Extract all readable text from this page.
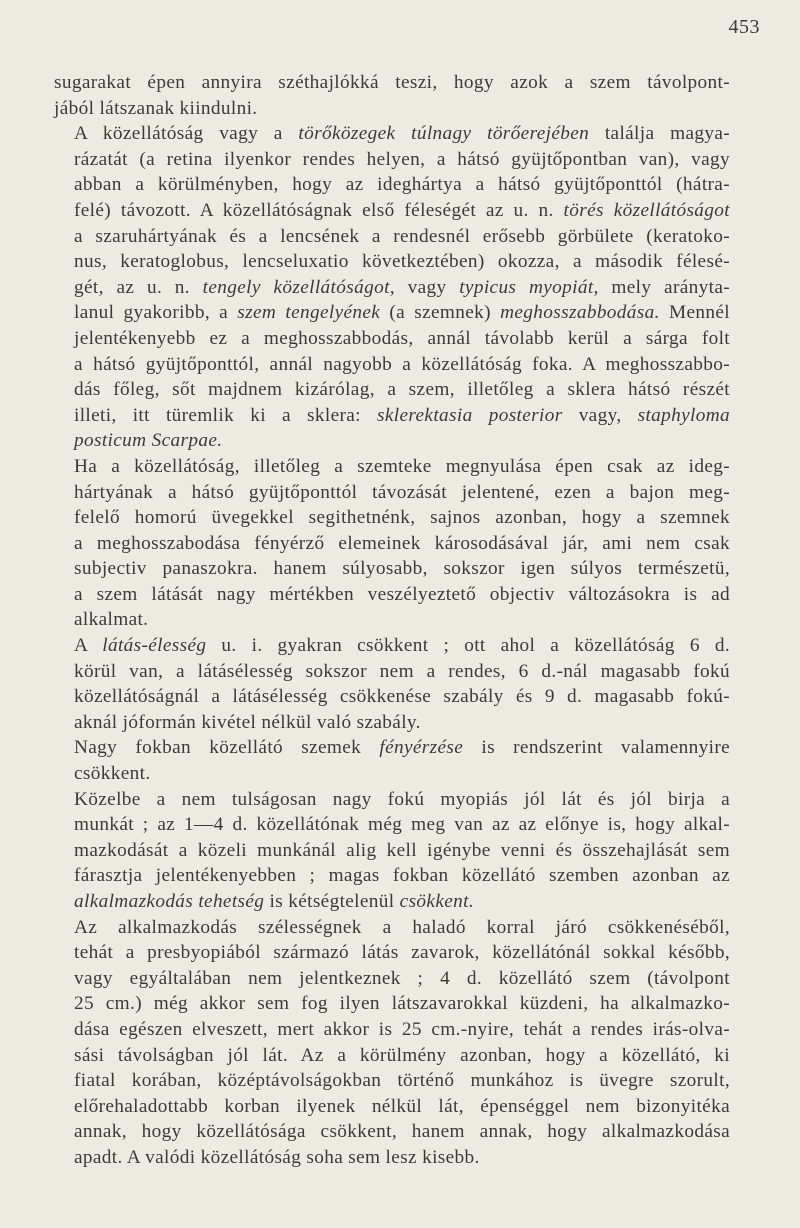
453

sugarakat épen annyira széthajlókká teszi, hogy azok a szem távolpont-
jából látszanak kiindulni.

A közellátóság vagy a törőközegek túlnagy törőerejében találja magya-
rázatát (a retina ilyenkor rendes helyen, a hátsó gyüjtőpontban van), vagy
abban a körülményben, hogy az ideghártya a hátsó gyüjtőponttól (hátra-
felé) távozott. A közellátóságnak első féleségét az u. n. törés közellátóságot
a szaruhártyának és a lencsének a rendesnél erősebb görbülete (keratoko-
nus, keratoglobus, lencseluxatio következtében) okozza, a második félesé-
gét, az u. n. tengely közellátóságot, vagy typicus myopiát, mely arányta-
lanul gyakoribb, a szem tengelyének (a szemnek) meghosszabbodása. Mennél
jelentékenyebb ez a meghosszabbodás, annál távolabb kerül a sárga folt
a hátsó gyüjtőponttól, annál nagyobb a közellátóság foka. A meghosszabbo-
dás főleg, sőt majdnem kizárólag, a szem, illetőleg a sklera hátsó részét
illeti, itt türemlik ki a sklera: sklerektasia posterior vagy, staphyloma
posticum Scarpae.

Ha a közellátóság, illetőleg a szemteke megnyulása épen csak az ideg-
hártyának a hátsó gyüjtőponttól távozását jelentené, ezen a bajon meg-
felelő homorú üvegekkel segithetnénk, sajnos azonban, hogy a szemnek
a meghosszabodása fényérző elemeinek károsodásával jár, ami nem csak
subjectiv panaszokra. hanem súlyosabb, sokszor igen súlyos természetü,
a szem látását nagy mértékben veszélyeztető objectiv változásokra is ad
alkalmat.

A látás-élesség u. i. gyakran csökkent ; ott ahol a közellátóság 6 d.
körül van, a látásélesség sokszor nem a rendes, 6 d.-nál magasabb fokú
közellátóságnál a látásélesség csökkenése szabály és 9 d. magasabb fokú-
aknál jóformán kivétel nélkül való szabály.

Nagy fokban közellátó szemek fényérzése is rendszerint valamennyire
csökkent.

Közelbe a nem tulságosan nagy fokú myopiás jól lát és jól birja a
munkát ; az 1—4 d. közellátónak még meg van az az előnye is, hogy alkal-
mazkodását a közeli munkánál alig kell igénybe venni és összehajlását sem
fárasztja jelentékenyebben ; magas fokban közellátó szemben azonban az
alkalmazkodás tehetség is kétségtelenül csökkent.

Az alkalmazkodás szélességnek a haladó korral járó csökkenéséből,
tehát a presbyopiából származó látás zavarok, közellátónál sokkal később,
vagy egyáltalában nem jelentkeznek ; 4 d. közellátó szem (távolpont
25 cm.) még akkor sem fog ilyen látszavarokkal küzdeni, ha alkalmazko-
dása egészen elveszett, mert akkor is 25 cm.-nyire, tehát a rendes irás-olva-
sási távolságban jól lát. Az a körülmény azonban, hogy a közellátó, ki
fiatal korában, középtávolságokban történő munkához is üvegre szorult,
előrehaladottabb korban ilyenek nélkül lát, épenséggel nem bizonyitéka
annak, hogy közellátósága csökkent, hanem annak, hogy alkalmazkodása
apadt. A valódi közellátóság soha sem lesz kisebb.
